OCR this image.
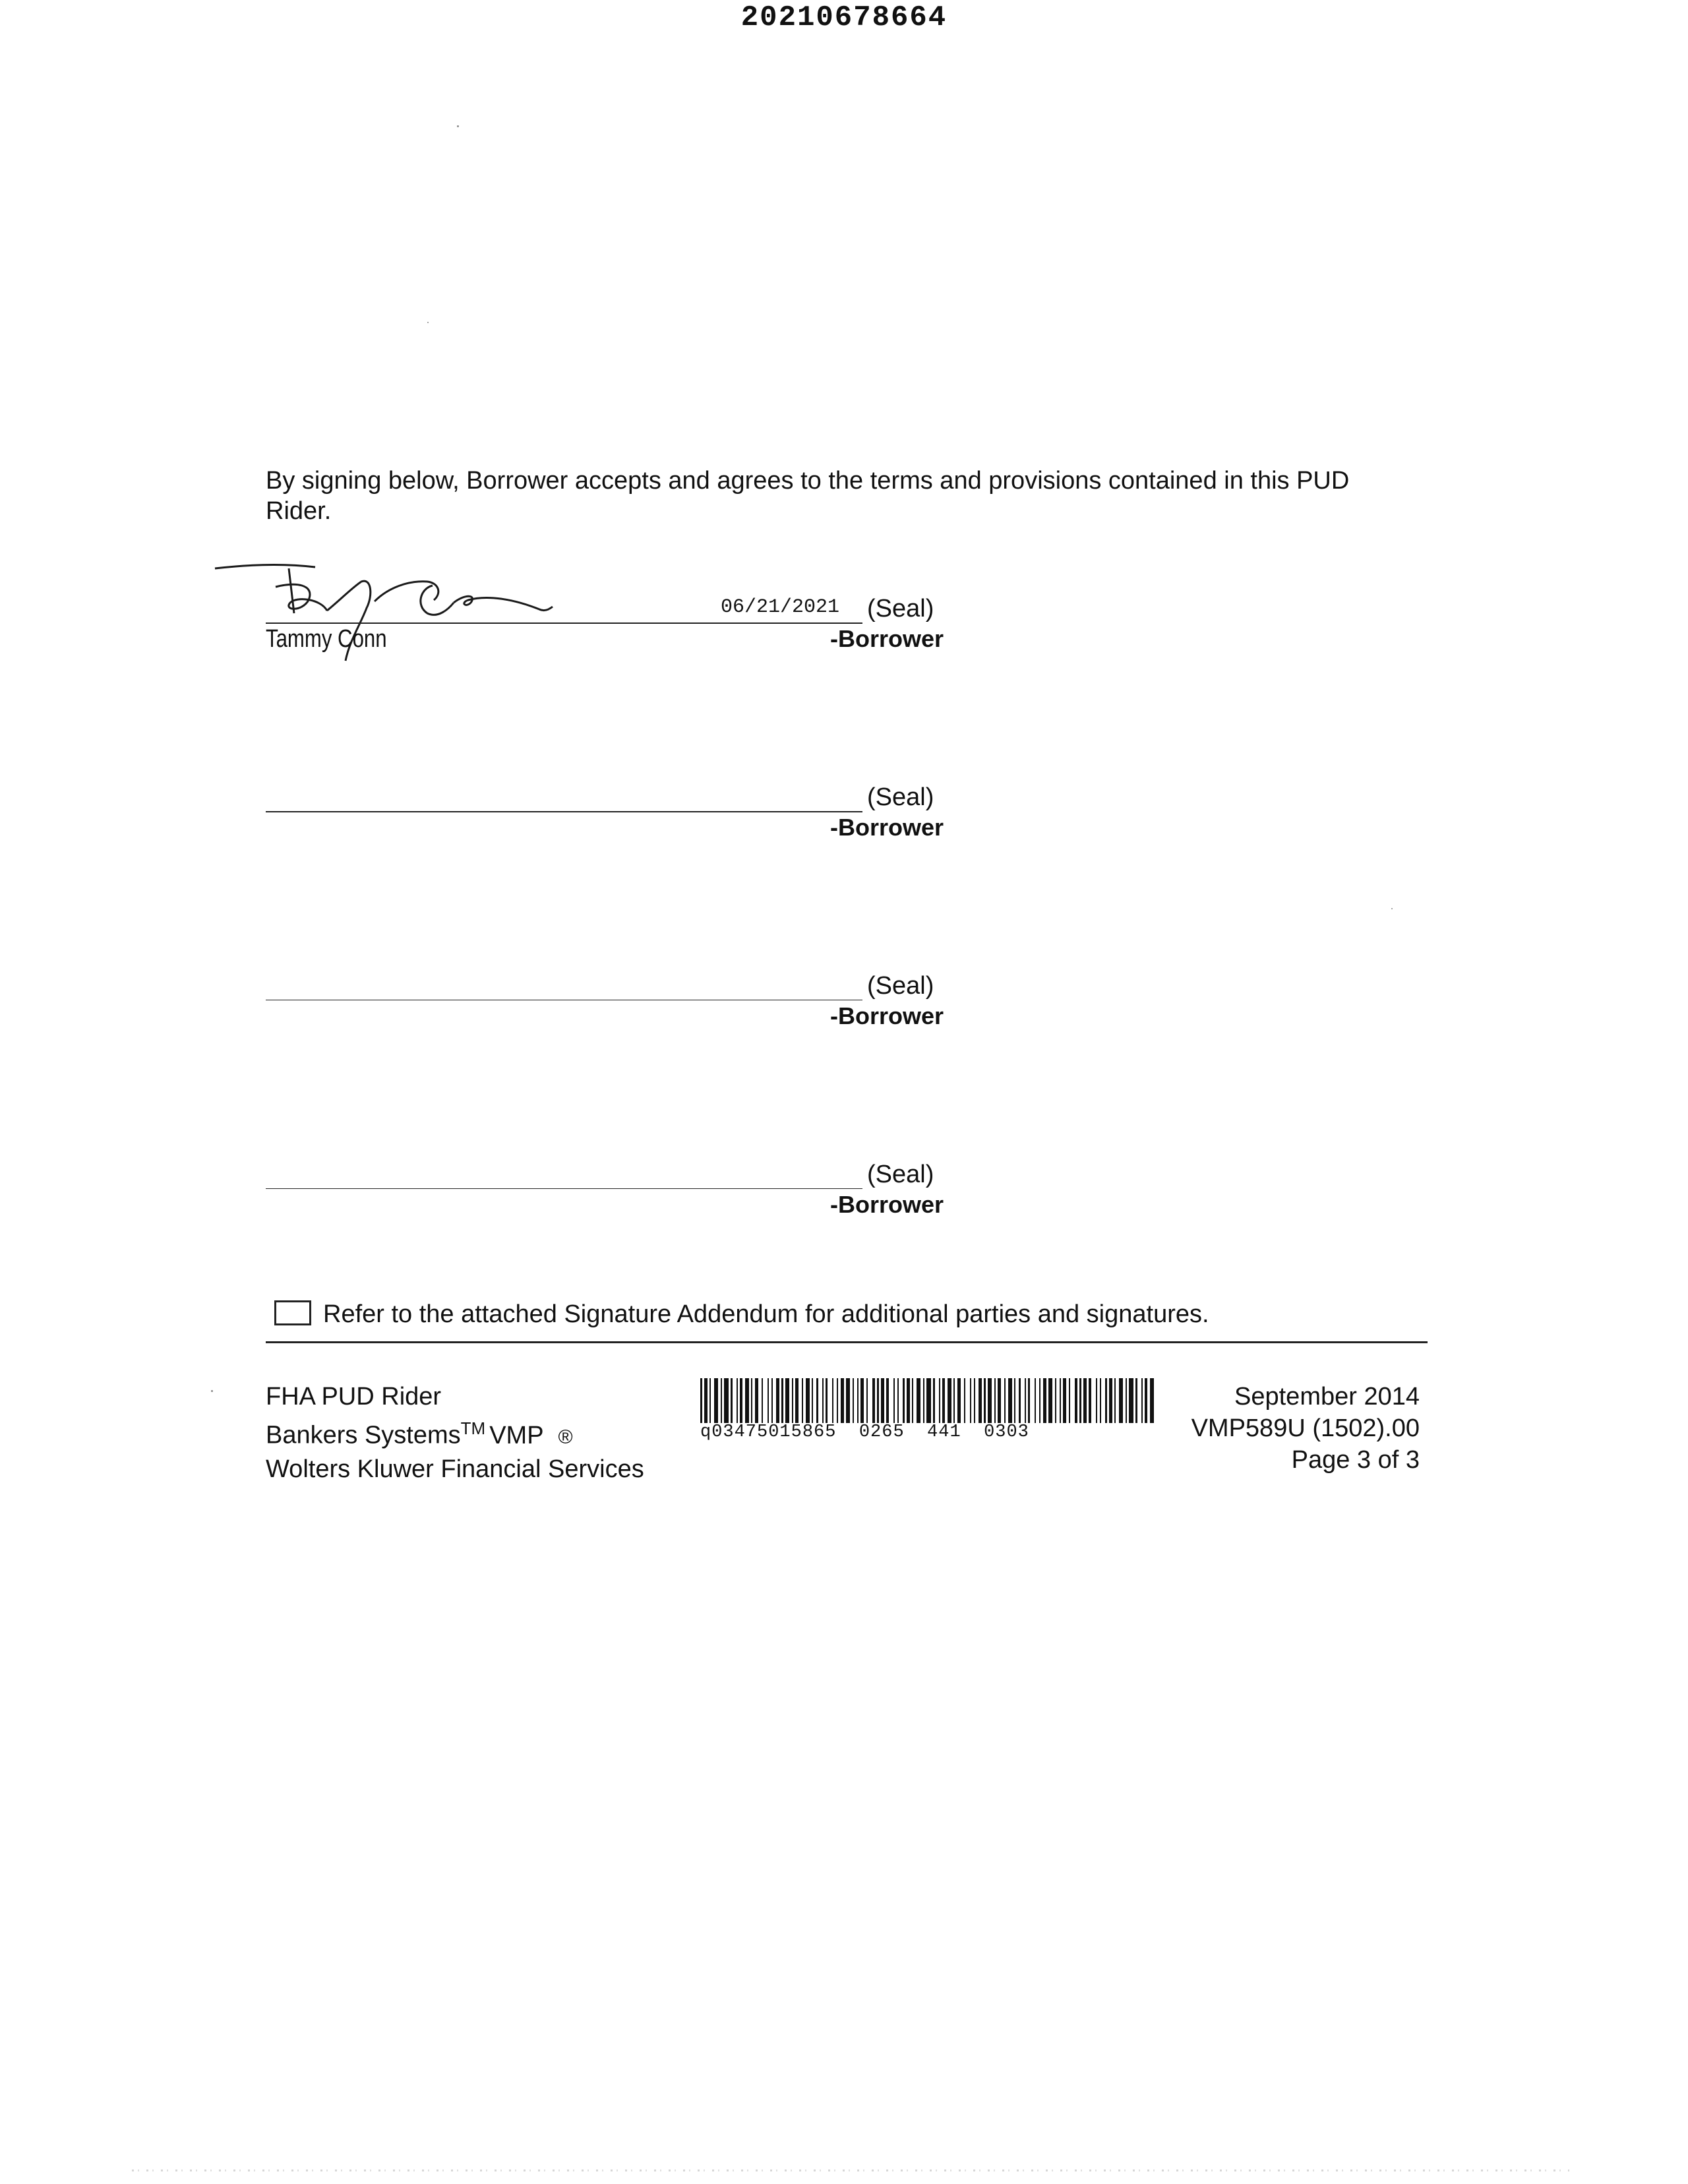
20210678664
By signing below, Borrower accepts and agrees to the terms and provisions contained in this PUD Rider.
06/21/2021 (Seal)
Tammy Conn	-Borrower
(Seal)
-Borrower
(Seal)
-Borrower
(Seal)
-Borrower
Refer to the attached Signature Addendum for additional parties and signatures.
FHA PUD Rider
Bankers Systems™ VMP ®
Wolters Kluwer Financial Services
q03475015865  0265  441  0303
September 2014
VMP589U (1502).00
Page 3 of 3
